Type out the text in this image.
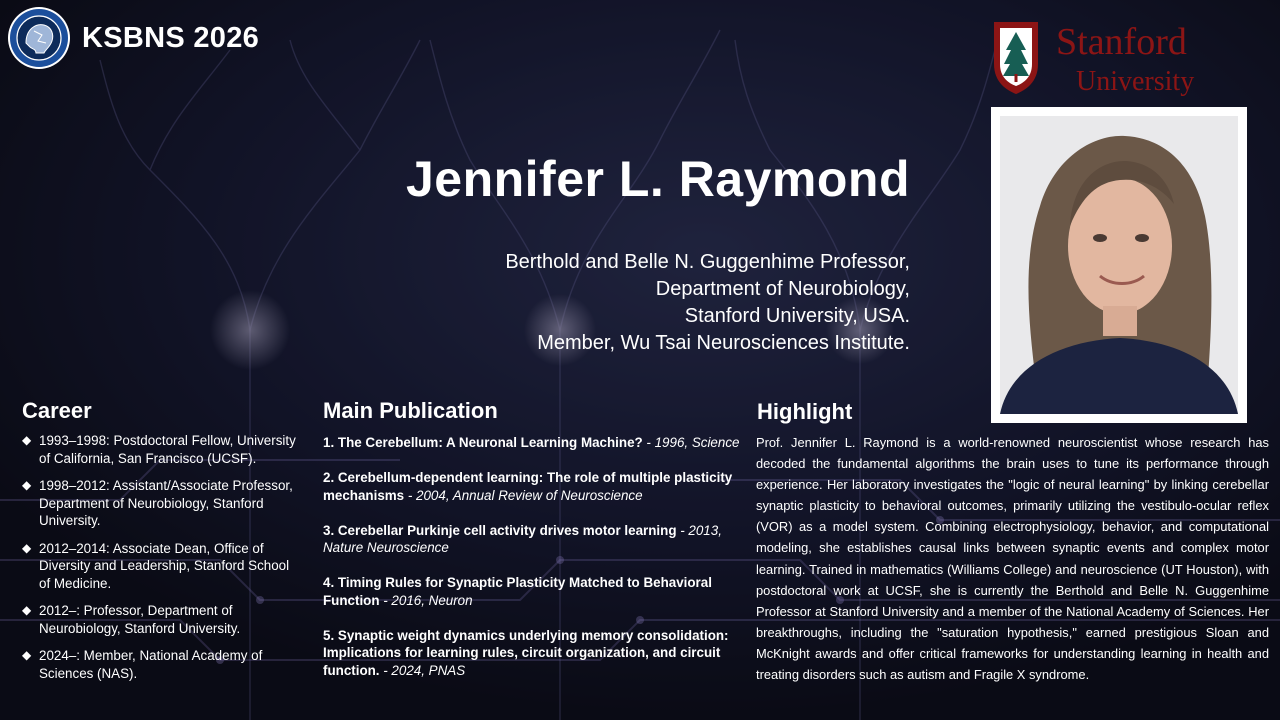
KSBNS 2026	Stanford
University
Jennifer L. Raymond
Berthold and Belle N. Guggenhime Professor,
Department of Neurobiology,
Stanford University, USA.
Member, Wu Tsai Neurosciences Institute.
Career
◆ 1993–1998: Postdoctoral Fellow, University of California, San Francisco (UCSF).
◆ 1998–2012: Assistant/Associate Professor, Department of Neurobiology, Stanford University.
◆ 2012–2014: Associate Dean, Office of Diversity and Leadership, Stanford School of Medicine.
◆ 2012–: Professor, Department of Neurobiology, Stanford University.
◆ 2024–: Member, National Academy of Sciences (NAS).
Main Publication
1. The Cerebellum: A Neuronal Learning Machine? - 1996, Science
2. Cerebellum-dependent learning: The role of multiple plasticity mechanisms - 2004, Annual Review of Neuroscience
3. Cerebellar Purkinje cell activity drives motor learning - 2013, Nature Neuroscience
4. Timing Rules for Synaptic Plasticity Matched to Behavioral Function - 2016, Neuron
5. Synaptic weight dynamics underlying memory consolidation: Implications for learning rules, circuit organization, and circuit function. - 2024, PNAS
Highlight

Prof. Jennifer L. Raymond is a world-renowned neuroscientist whose research has decoded the fundamental algorithms the brain uses to tune its performance through experience. Her laboratory investigates the "logic of neural learning" by linking cerebellar synaptic plasticity to behavioral outcomes, primarily utilizing the vestibulo-ocular reflex (VOR) as a model system. Combining electrophysiology, behavior, and computational modeling, she establishes causal links between synaptic events and complex motor learning. Trained in mathematics (Williams College) and neuroscience (UT Houston), with postdoctoral work at UCSF, she is currently the Berthold and Belle N. Guggenhime Professor at Stanford University and a member of the National Academy of Sciences. Her breakthroughs, including the "saturation hypothesis," earned prestigious Sloan and McKnight awards and offer critical frameworks for understanding learning in health and treating disorders such as autism and Fragile X syndrome.
